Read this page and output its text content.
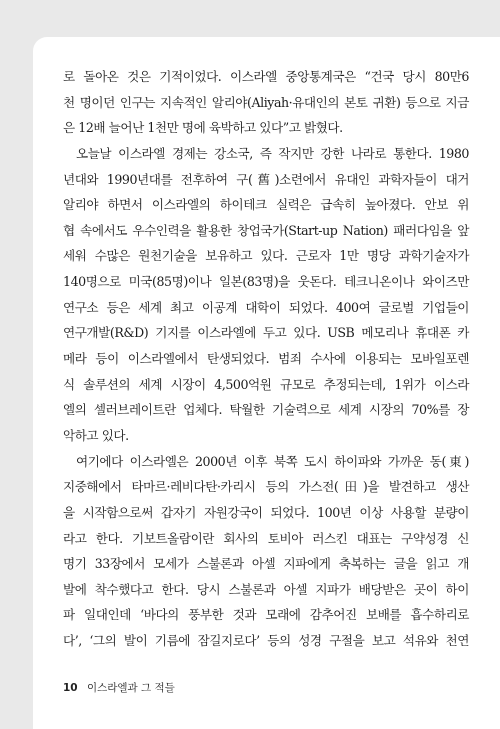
로 돌아온 것은 기적이었다. 이스라엘 중앙통계국은 “건국 당시 80만6
천 명이던 인구는 지속적인 알리야(Aliyah·유대인의 본토 귀환) 등으로 지금
은 12배 늘어난 1천만 명에 육박하고 있다”고 밝혔다.
오늘날 이스라엘 경제는 강소국, 즉 작지만 강한 나라로 통한다. 1980
년대와 1990년대를 전후하여 구(舊)소련에서 유대인 과학자들이 대거
알리야 하면서 이스라엘의 하이테크 실력은 급속히 높아졌다. 안보 위
협 속에서도 우수인력을 활용한 창업국가(Start-up Nation) 패러다임을 앞
세워 수많은 원천기술을 보유하고 있다. 근로자 1만 명당 과학기술자가
140명으로 미국(85명)이나 일본(83명)을 웃돈다. 테크니온이나 와이즈만
연구소 등은 세계 최고 이공계 대학이 되었다. 400여 글로벌 기업들이
연구개발(R&D) 기지를 이스라엘에 두고 있다. USB 메모리나 휴대폰 카
메라 등이 이스라엘에서 탄생되었다. 범죄 수사에 이용되는 모바일포렌
식 솔루션의 세계 시장이 4,500억원 규모로 추정되는데, 1위가 이스라
엘의 셀러브레이트란 업체다. 탁월한 기술력으로 세계 시장의 70%를 장
악하고 있다.
여기에다 이스라엘은 2000년 이후 북쪽 도시 하이파와 가까운 동(東)
지중해에서 타마르·레비다탄·카리시 등의 가스전(田)을 발견하고 생산
을 시작함으로써 갑자기 자원강국이 되었다. 100년 이상 사용할 분량이
라고 한다. 기보트올람이란 회사의 토비아 러스킨 대표는 구약성경 신
명기 33장에서 모세가 스불론과 아셀 지파에게 축복하는 글을 읽고 개
발에 착수했다고 한다. 당시 스불론과 아셀 지파가 배당받은 곳이 하이
파 일대인데 ‘바다의 풍부한 것과 모래에 감추어진 보배를 흡수하리로
다’, ‘그의 발이 기름에 잠길지로다’ 등의 성경 구절을 보고 석유와 천연
10 이스라엘과 그 적들
